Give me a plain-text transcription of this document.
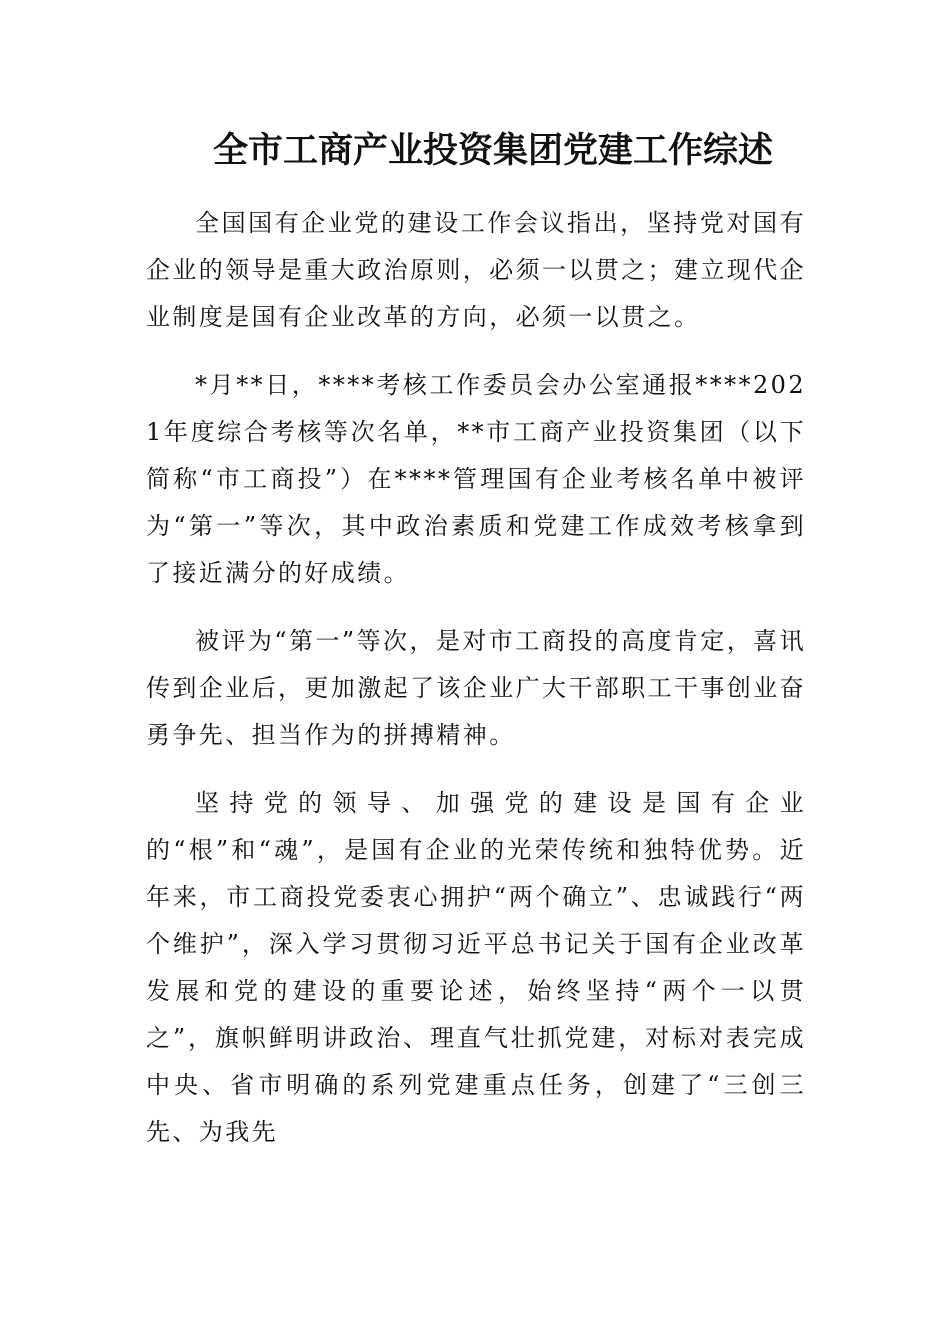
全市工商产业投资集团党建工作综述

全国国有企业党的建设工作会议指出，坚持党对国有企业的领导是重大政治原则，必须一以贯之；建立现代企业制度是国有企业改革的方向，必须一以贯之。

*月**日，****考核工作委员会办公室通报****2021年度综合考核等次名单，**市工商产业投资集团（以下简称“市工商投”）在****管理国有企业考核名单中被评为“第一”等次，其中政治素质和党建工作成效考核拿到了接近满分的好成绩。

被评为“第一”等次，是对市工商投的高度肯定，喜讯传到企业后，更加激起了该企业广大干部职工干事创业奋勇争先、担当作为的拼搏精神。

坚持党的领导、加强党的建设是国有企业的“根”和“魂”，是国有企业的光荣传统和独特优势。近年来，市工商投党委衷心拥护“两个确立”、忠诚践行“两个维护”，深入学习贯彻习近平总书记关于国有企业改革发展和党的建设的重要论述，始终坚持“两个一以贯之”，旗帜鲜明讲政治、理直气壮抓党建，对标对表完成中央、省市明确的系列党建重点任务，创建了“三创三先、为我先
